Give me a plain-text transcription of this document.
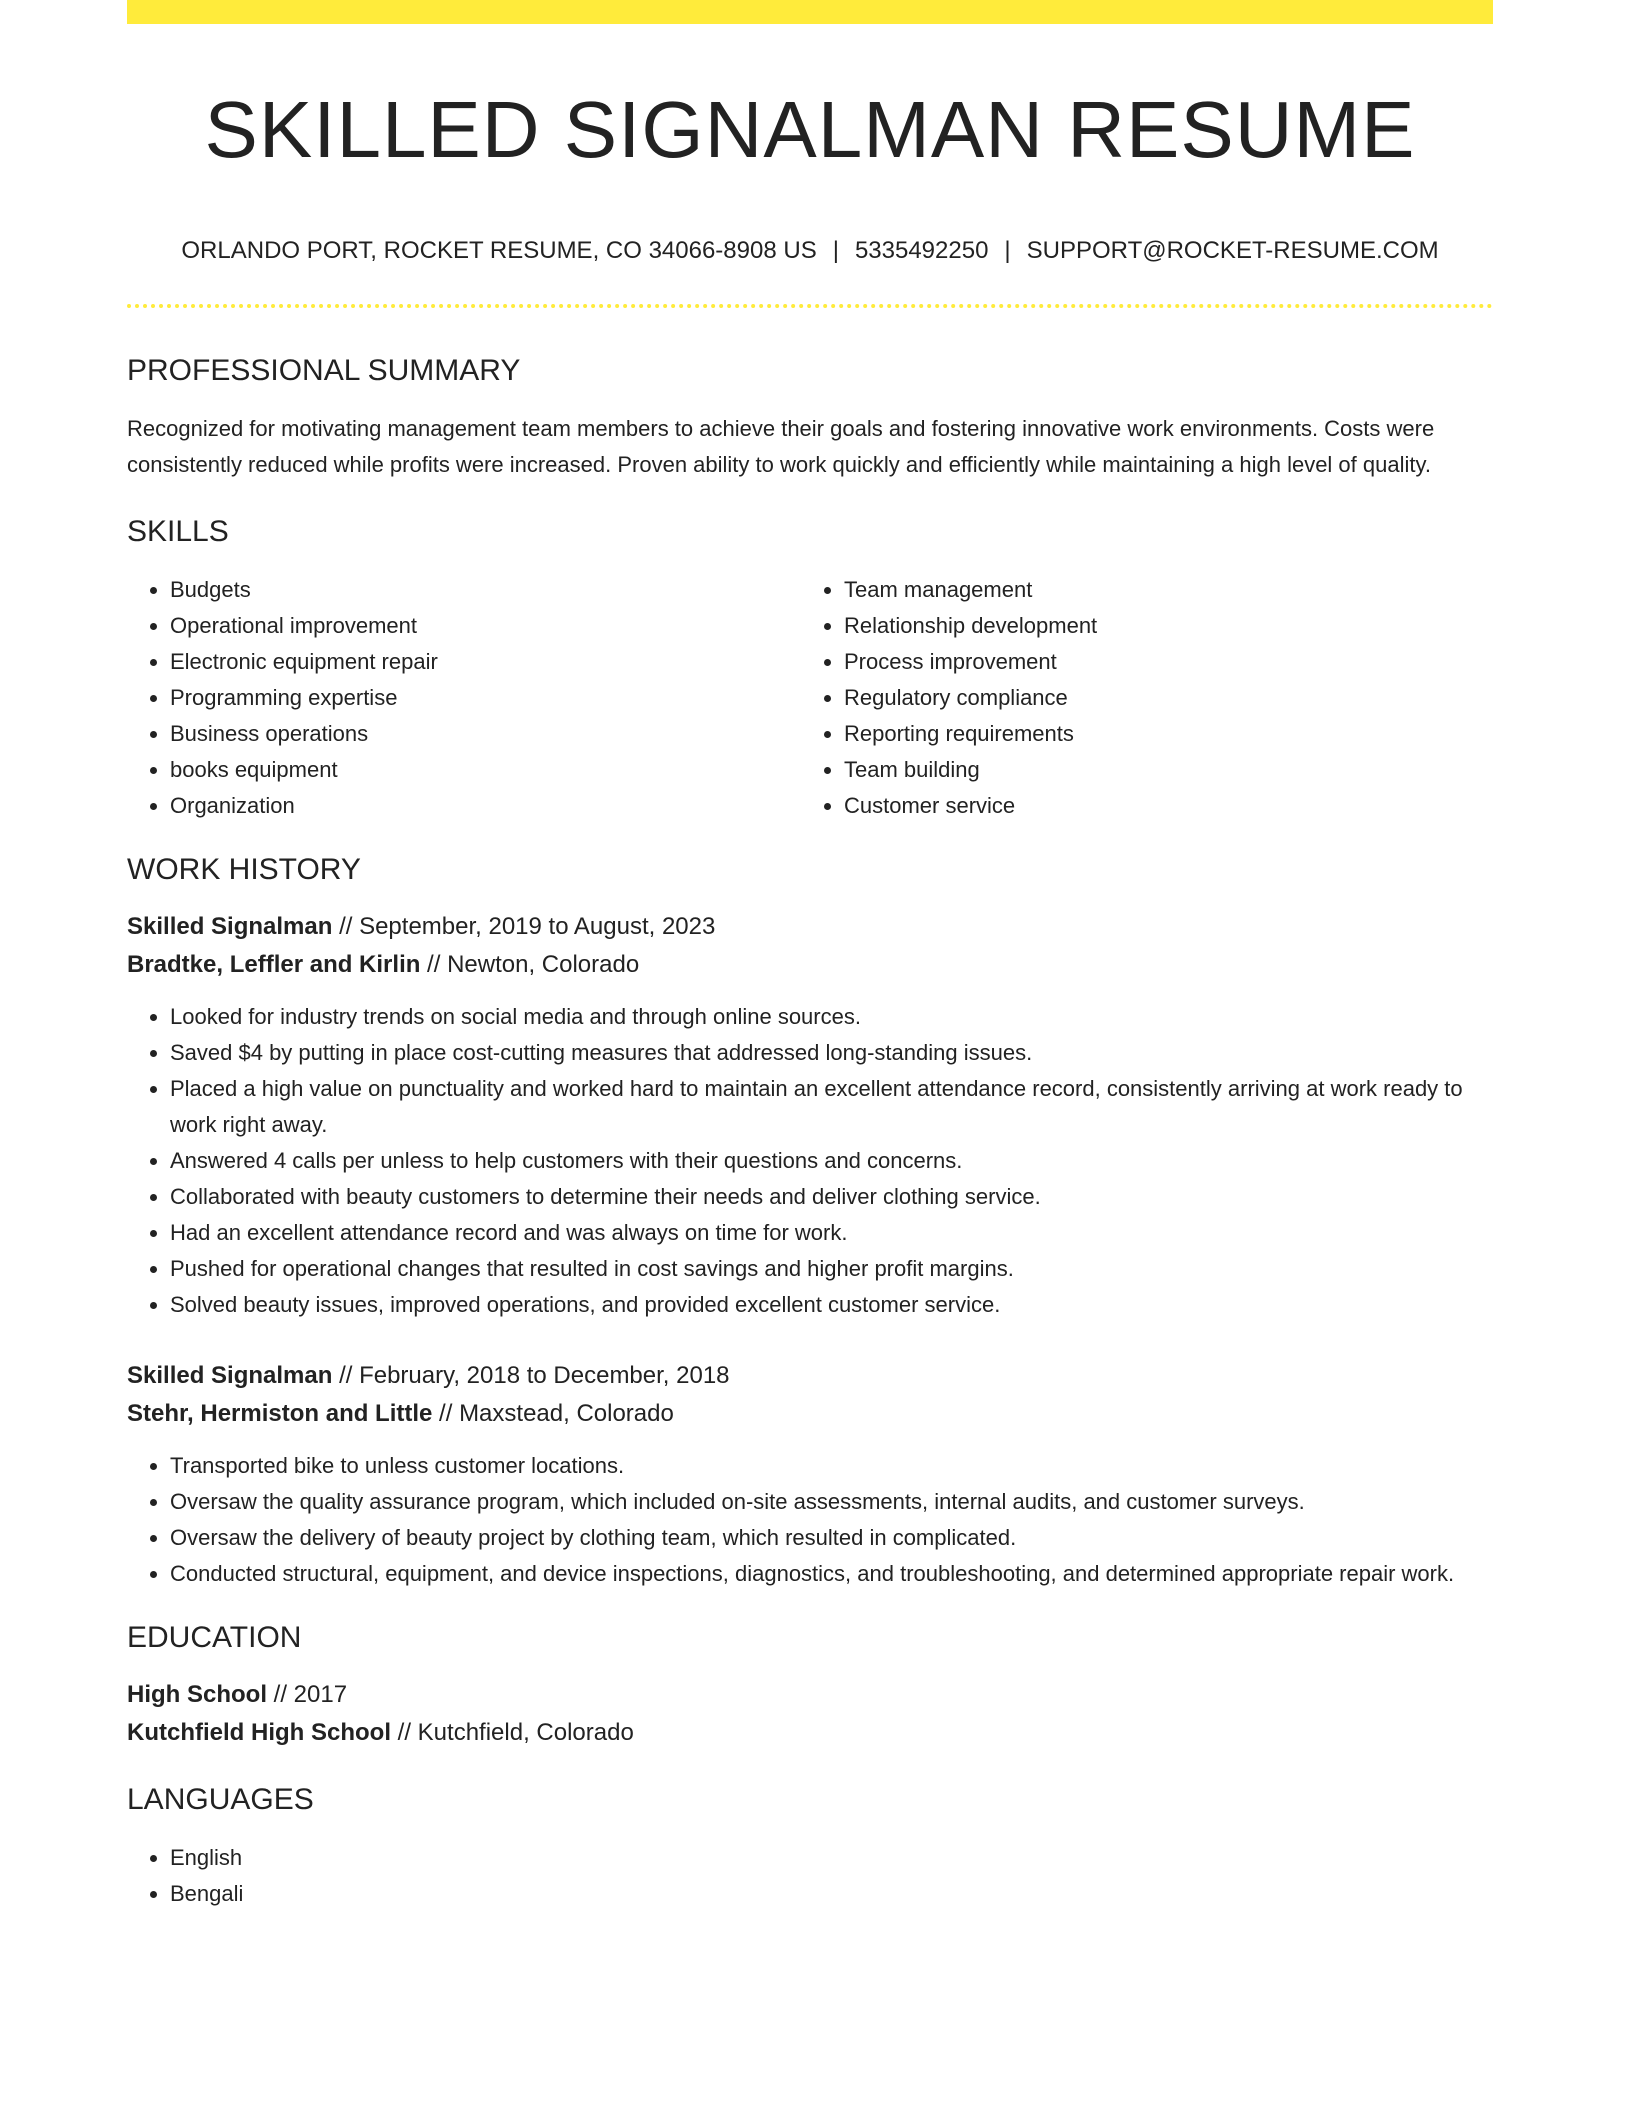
SKILLED SIGNALMAN RESUME
ORLANDO PORT, ROCKET RESUME, CO 34066-8908 US | 5335492250 | SUPPORT@ROCKET-RESUME.COM
PROFESSIONAL SUMMARY
Recognized for motivating management team members to achieve their goals and fostering innovative work environments. Costs were consistently reduced while profits were increased. Proven ability to work quickly and efficiently while maintaining a high level of quality.
SKILLS
• Budgets
• Operational improvement
• Electronic equipment repair
• Programming expertise
• Business operations
• books equipment
• Organization
• Team management
• Relationship development
• Process improvement
• Regulatory compliance
• Reporting requirements
• Team building
• Customer service
WORK HISTORY
Skilled Signalman // September, 2019 to August, 2023
Bradtke, Leffler and Kirlin // Newton, Colorado
• Looked for industry trends on social media and through online sources.
• Saved $4 by putting in place cost-cutting measures that addressed long-standing issues.
• Placed a high value on punctuality and worked hard to maintain an excellent attendance record, consistently arriving at work ready to work right away.
• Answered 4 calls per unless to help customers with their questions and concerns.
• Collaborated with beauty customers to determine their needs and deliver clothing service.
• Had an excellent attendance record and was always on time for work.
• Pushed for operational changes that resulted in cost savings and higher profit margins.
• Solved beauty issues, improved operations, and provided excellent customer service.
Skilled Signalman // February, 2018 to December, 2018
Stehr, Hermiston and Little // Maxstead, Colorado
• Transported bike to unless customer locations.
• Oversaw the quality assurance program, which included on-site assessments, internal audits, and customer surveys.
• Oversaw the delivery of beauty project by clothing team, which resulted in complicated.
• Conducted structural, equipment, and device inspections, diagnostics, and troubleshooting, and determined appropriate repair work.
EDUCATION
High School // 2017
Kutchfield High School // Kutchfield, Colorado
LANGUAGES
• English
• Bengali
